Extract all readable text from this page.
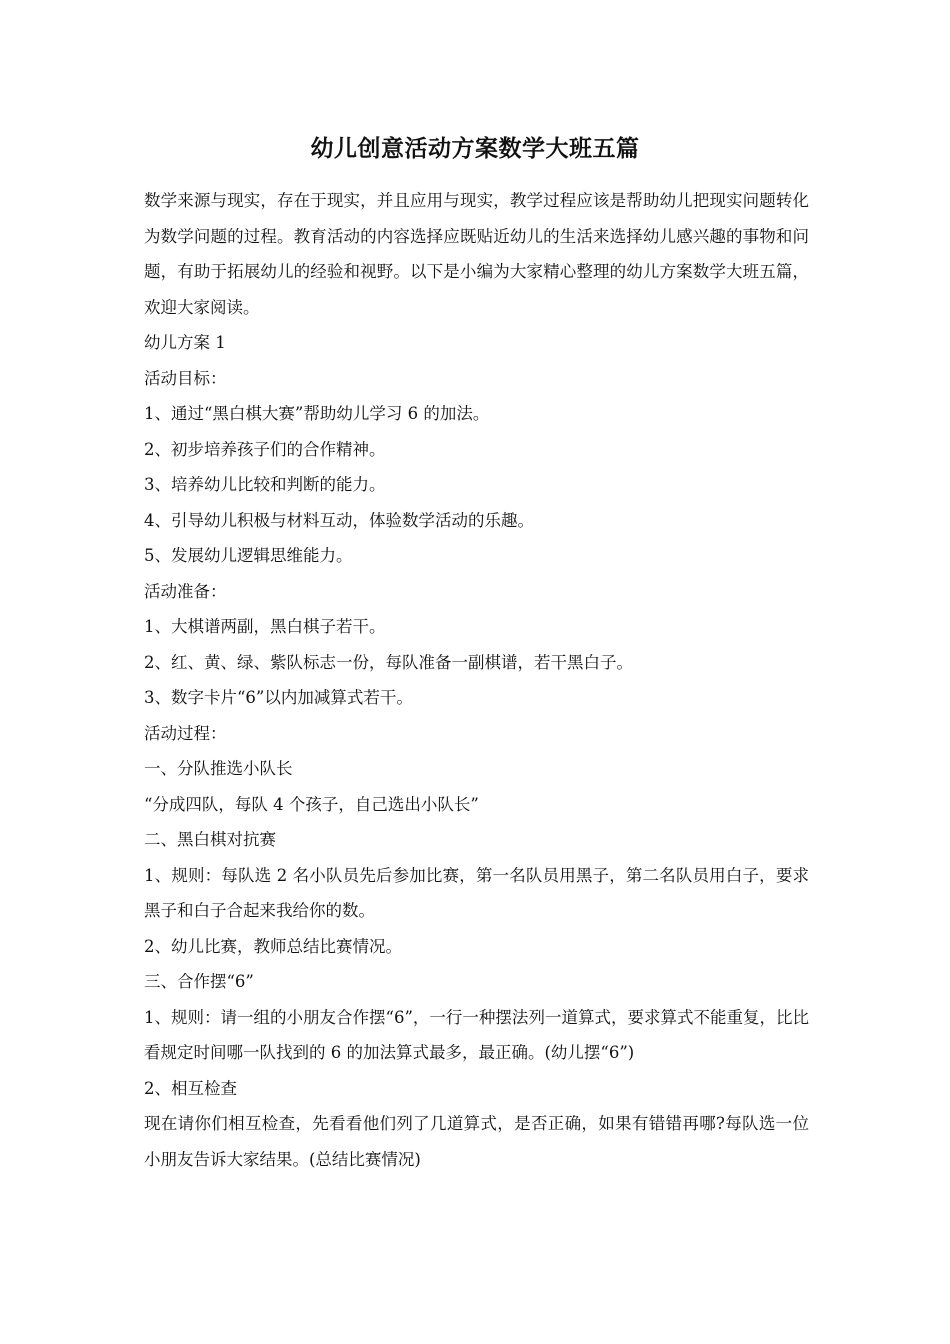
幼儿创意活动方案数学大班五篇

数学来源与现实，存在于现实，并且应用与现实，教学过程应该是帮助幼儿把现实问题转化为数学问题的过程。教育活动的内容选择应既贴近幼儿的生活来选择幼儿感兴趣的事物和问题，有助于拓展幼儿的经验和视野。以下是小编为大家精心整理的幼儿方案数学大班五篇，欢迎大家阅读。

幼儿方案 1

活动目标：

1、通过“黑白棋大赛”帮助幼儿学习 6 的加法。

2、初步培养孩子们的合作精神。

3、培养幼儿比较和判断的能力。

4、引导幼儿积极与材料互动，体验数学活动的乐趣。

5、发展幼儿逻辑思维能力。

活动准备：

1、大棋谱两副，黑白棋子若干。

2、红、黄、绿、紫队标志一份，每队准备一副棋谱，若干黑白子。

3、数字卡片“6”以内加减算式若干。

活动过程：

一、分队推选小队长

“分成四队，每队 4 个孩子，自己选出小队长”

二、黑白棋对抗赛

1、规则：每队选 2 名小队员先后参加比赛，第一名队员用黑子，第二名队员用白子，要求黑子和白子合起来我给你的数。

2、幼儿比赛，教师总结比赛情况。

三、合作摆“6”

1、规则：请一组的小朋友合作摆“6”，一行一种摆法列一道算式，要求算式不能重复，比比看规定时间哪一队找到的 6 的加法算式最多，最正确。(幼儿摆“6”)

2、相互检查

现在请你们相互检查，先看看他们列了几道算式，是否正确，如果有错错再哪?每队选一位小朋友告诉大家结果。(总结比赛情况)
